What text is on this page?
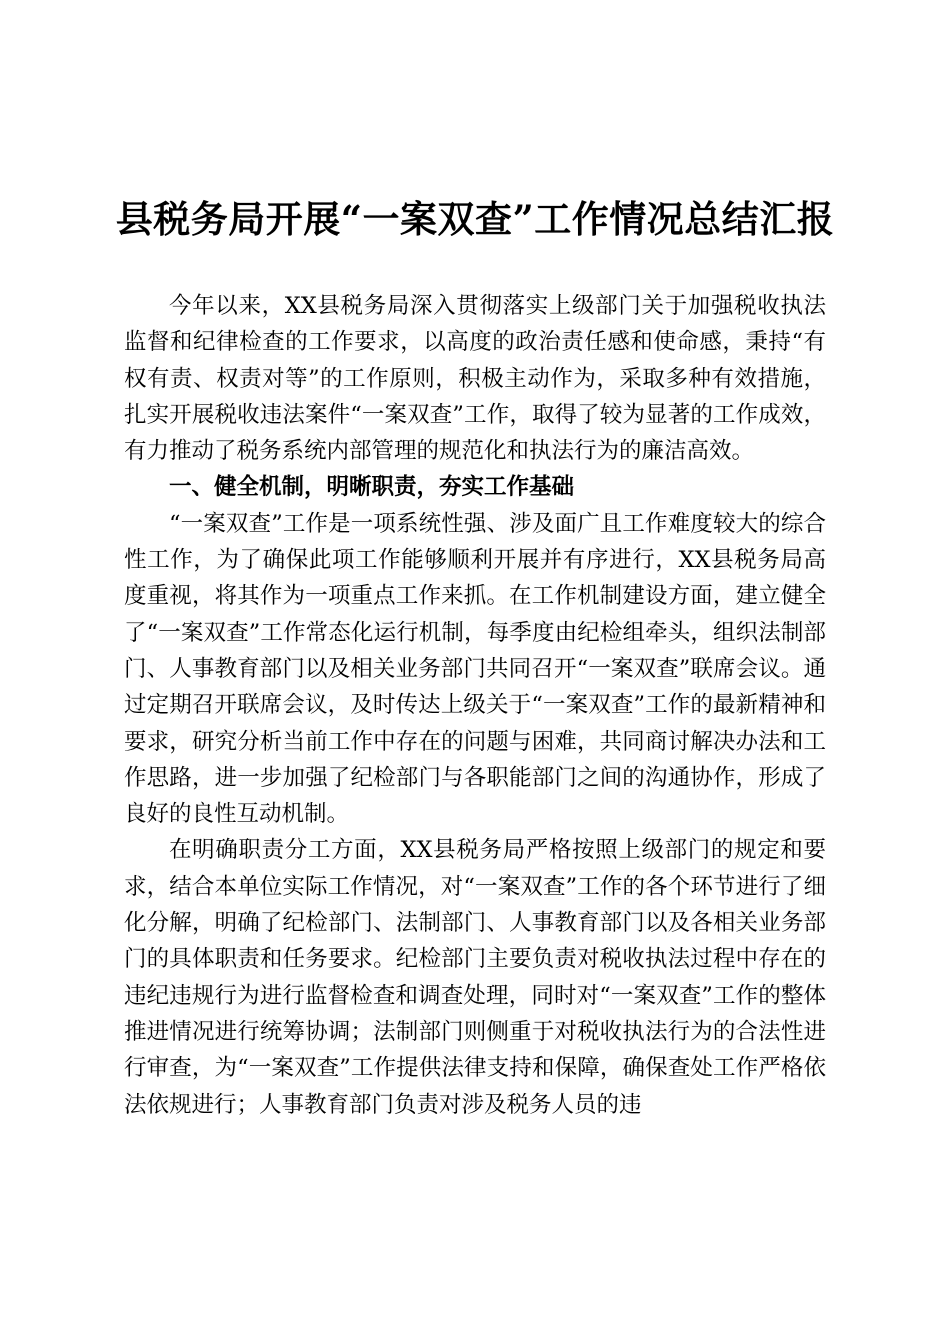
县税务局开展“一案双查”工作情况总结汇报

今年以来，XX县税务局深入贯彻落实上级部门关于加强税收执法监督和纪律检查的工作要求，以高度的政治责任感和使命感，秉持“有权有责、权责对等”的工作原则，积极主动作为，采取多种有效措施，扎实开展税收违法案件“一案双查”工作，取得了较为显著的工作成效，有力推动了税务系统内部管理的规范化和执法行为的廉洁高效。

一、健全机制，明晰职责，夯实工作基础

“一案双查”工作是一项系统性强、涉及面广且工作难度较大的综合性工作，为了确保此项工作能够顺利开展并有序进行，XX县税务局高度重视，将其作为一项重点工作来抓。在工作机制建设方面，建立健全了“一案双查”工作常态化运行机制，每季度由纪检组牵头，组织法制部门、人事教育部门以及相关业务部门共同召开“一案双查”联席会议。通过定期召开联席会议，及时传达上级关于“一案双查”工作的最新精神和要求，研究分析当前工作中存在的问题与困难，共同商讨解决办法和工作思路，进一步加强了纪检部门与各职能部门之间的沟通协作，形成了良好的良性互动机制。

在明确职责分工方面，XX县税务局严格按照上级部门的规定和要求，结合本单位实际工作情况，对“一案双查”工作的各个环节进行了细化分解，明确了纪检部门、法制部门、人事教育部门以及各相关业务部门的具体职责和任务要求。纪检部门主要负责对税收执法过程中存在的违纪违规行为进行监督检查和调查处理，同时对“一案双查”工作的整体推进情况进行统筹协调；法制部门则侧重于对税收执法行为的合法性进行审查，为“一案双查”工作提供法律支持和保障，确保查处工作严格依法依规进行；人事教育部门负责对涉及税务人员的违
